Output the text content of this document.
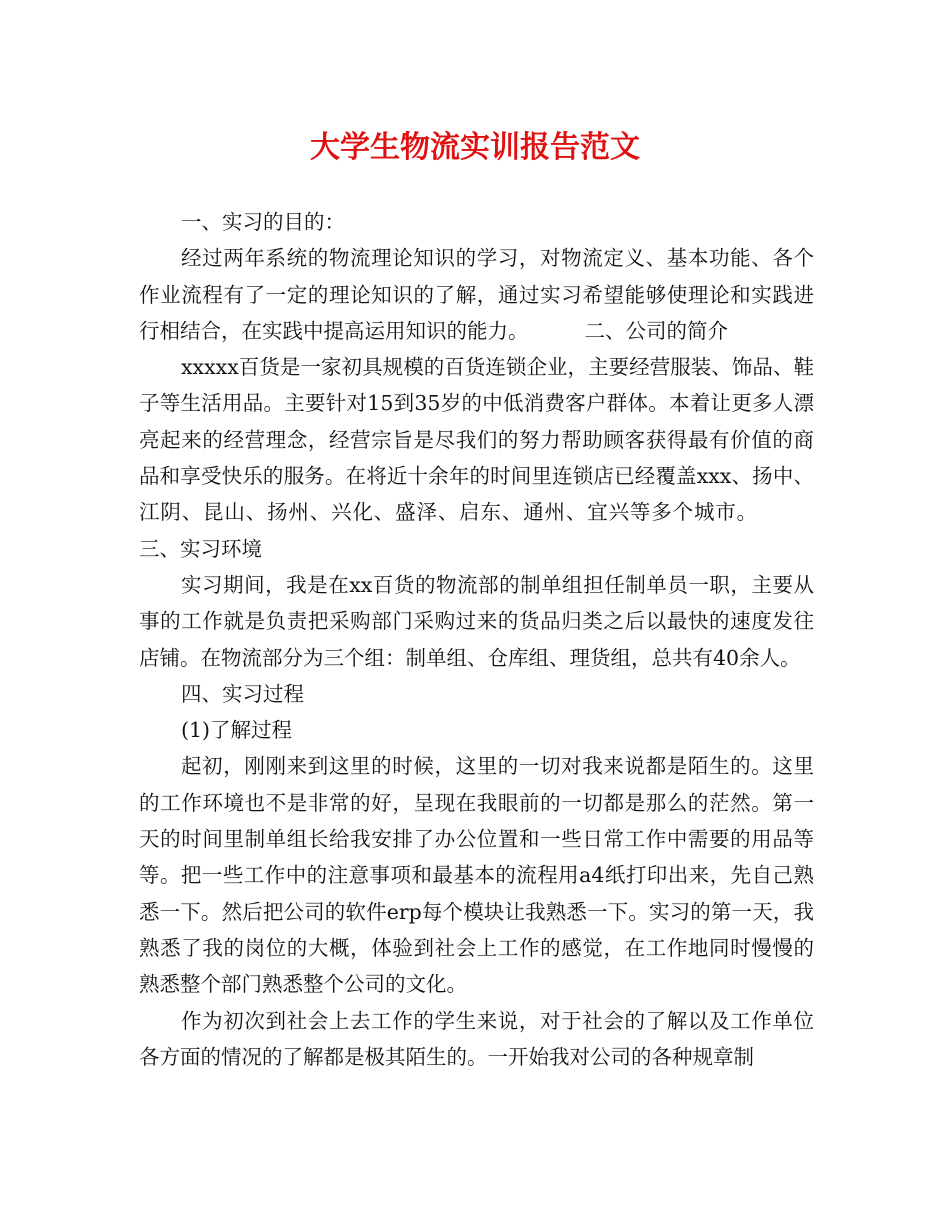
大学生物流实训报告范文

一、实习的目的：

经过两年系统的物流理论知识的学习，对物流定义、基本功能、各个作业流程有了一定的理论知识的了解，通过实习希望能够使理论和实践进行相结合，在实践中提高运用知识的能力。	二、公司的简介

xxxxx百货是一家初具规模的百货连锁企业，主要经营服装、饰品、鞋子等生活用品。主要针对15到35岁的中低消费客户群体。本着让更多人漂亮起来的经营理念，经营宗旨是尽我们的努力帮助顾客获得最有价值的商品和享受快乐的服务。在将近十余年的时间里连锁店已经覆盖xxx、扬中、江阴、昆山、扬州、兴化、盛泽、启东、通州、宜兴等多个城市。三、实习环境

实习期间，我是在xx百货的物流部的制单组担任制单员一职，主要从事的工作就是负责把采购部门采购过来的货品归类之后以最快的速度发往店铺。在物流部分为三个组：制单组、仓库组、理货组，总共有40余人。

四、实习过程

(1)了解过程

起初，刚刚来到这里的时候，这里的一切对我来说都是陌生的。这里的工作环境也不是非常的好，呈现在我眼前的一切都是那么的茫然。第一天的时间里制单组长给我安排了办公位置和一些日常工作中需要的用品等等。把一些工作中的注意事项和最基本的流程用a4纸打印出来，先自己熟悉一下。然后把公司的软件erp每个模块让我熟悉一下。实习的第一天，我熟悉了我的岗位的大概，体验到社会上工作的感觉，在工作地同时慢慢的熟悉整个部门熟悉整个公司的文化。

作为初次到社会上去工作的学生来说，对于社会的了解以及工作单位各方面的情况的了解都是极其陌生的。一开始我对公司的各种规章制
